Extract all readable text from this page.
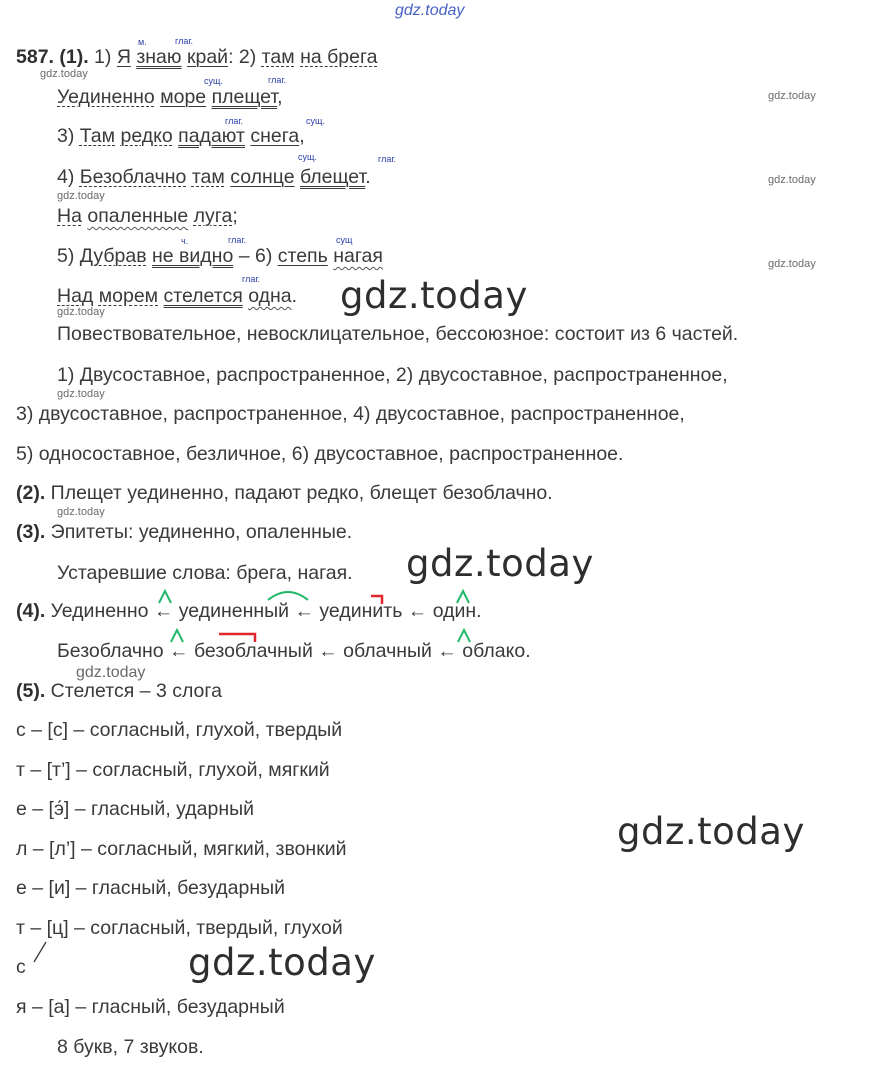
gdz.today
587. (1). 1) Я знаю край: 2) там на брега
м.	глаг.
gdz.today
Уединенно море плещет,
сущ.	глаг.
gdz.today
3) Там редко падают снега,
глаг.	сущ.
4) Безоблачно там солнце блещет.
сущ.	глаг.
gdz.today
gdz.today
На опаленные луга;
5) Дубрав не видно – 6) степь нагая
ч.	глаг.	сущ
глаг.
gdz.today
Над морем стелется одна. gdz.today
gdz.today
Повествовательное, невосклицательное, бессоюзное: состоит из 6 частей.
1) Двусоставное, распространенное, 2) двусоставное, распространенное,
gdz.today
3) двусоставное, распространенное, 4) двусоставное, распространенное,
5) односоставное, безличное, 6) двусоставное, распространенное.
(2). Плещет уединенно, падают редко, блещет безоблачно.
gdz.today
(3). Эпитеты: уединенно, опаленные.
Устаревшие слова: брега, нагая. gdz.today
(4). Уединенно ← уединенный ← уединить ← один.
Безоблачно ← безоблачный ← облачный ← облако.
gdz.today
(5). Стелется – 3 слога
с – [с] – согласный, глухой, твердый
т – [т’] – согласный, глухой, мягкий
е – [э́] – гласный, ударный
л – [л’] – согласный, мягкий, звонкий
е – [и] – гласный, безударный
т – [ц] – согласный, твердый, глухой
с
я – [а] – гласный, безударный
8 букв, 7 звуков.
gdz.today
gdz.today
